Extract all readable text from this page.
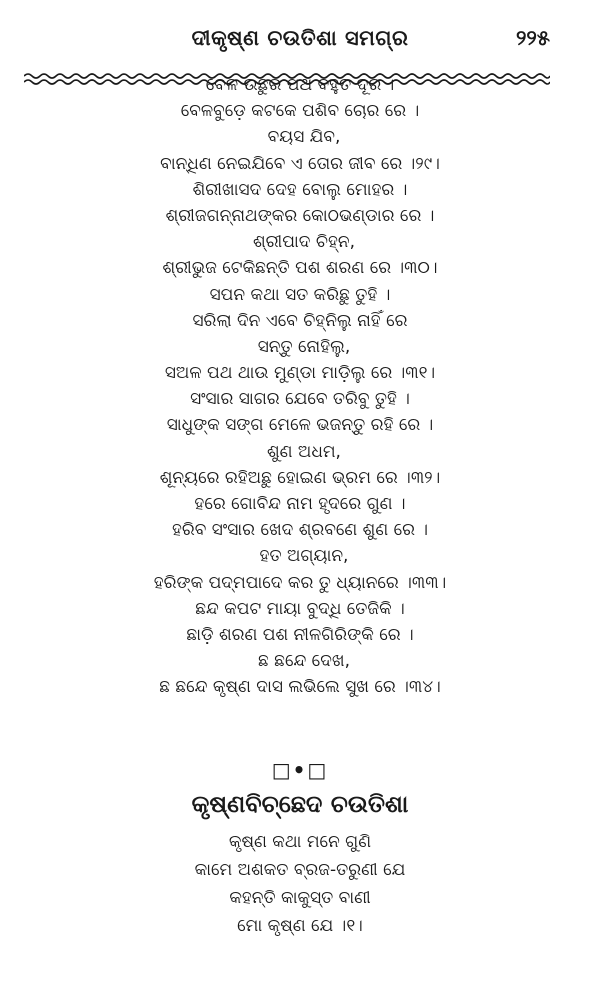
ଦୀକୃଷ୍ଣ ଚଉତିଶା ସମଗ୍ର	୨୨୫
ବେଳ ଉଛୁର ପଥ ବହୁତ ଦୂର ।
ବେଳବୁଡ଼େ କଟକେ ପଶିବ ଚୋର ରେ ।
ବୟସ ଯିବ,
ବାନ୍ଧିଣ ନେଇଯିବେ ଏ ତୋର ଜୀବ ରେ ।୨୯।
ଶିରୀଖାସଦ ଦେହ ବୋଲୁ ମୋହର ।
ଶ୍ରୀଜଗନ୍ନାଥଙ୍କର କୋଠଭଣ୍ଡାର ରେ ।
ଶ୍ରୀପାଦ ଚିହ୍ନ,
ଶ୍ରୀଭୁଜ ଟେକିଛନ୍ତି ପଶ ଶରଣ ରେ ।୩୦।
ସପନ କଥା ସତ କରିଛୁ ତୁହି ।
ସରିଲା ଦିନ ଏବେ ଚିହ୍ନିଲୁ ନାହିଁ ରେ
ସନ୍ତୁ ନୋହିଲୁ,
ସଅଳ ପଥ ଥାଉ ମୁଣ୍ଡା ମାଡ଼ିଲୁ ରେ ।୩୧।
ସଂସାର ସାଗର ଯେବେ ତରିବୁ ତୁହି ।
ସାଧୁଙ୍କ ସଙ୍ଗ ମେଳେ ଭଜନ୍ତୁ ରହି ରେ ।
ଶୁଣ ଅଧମ,
ଶୂନ୍ୟରେ ରହିଅଛୁ ହୋଇଣ ଭ୍ରମ ରେ ।୩୨।
ହରେ ଗୋବିନ୍ଦ ନାମ ହୃଦରେ ଗୁଣ ।
ହରିବ ସଂସାର ଖେଦ ଶ୍ରବଣେ ଶୁଣ ରେ ।
ହତ ଅଗ୍ୟାନ,
ହରିଙ୍କ ପଦ୍ମପାଦେ କର ତୁ ଧ୍ୟାନରେ ।୩୩।
ଛନ୍ଦ କପଟ ମାୟା ବୁଦ୍ଧି ତେଜିକି ।
ଛାଡ଼ି ଶରଣ ପଶ ନୀଳଗିରିଙ୍କି ରେ ।
ଛ ଛନ୍ଦେ ଦେଖ,
ଛ ଛନ୍ଦେ କୃଷ୍ଣ ଦାସ ଲଭିଲେ ସୁଖ ରେ ।୩୪।
□•□
କୃଷ୍ଣବିଚ୍ଛେଦ ଚଉତିଶା
କୃଷ୍ଣ କଥା ମନେ ଗୁଣି
କାମେ ଅଶକତ ବ୍ରଜ-ତରୁଣୀ ଯେ
କହନ୍ତି କାକୁସ୍ତ ବାଣୀ
ମୋ କୃଷ୍ଣ ଯେ ।୧।
